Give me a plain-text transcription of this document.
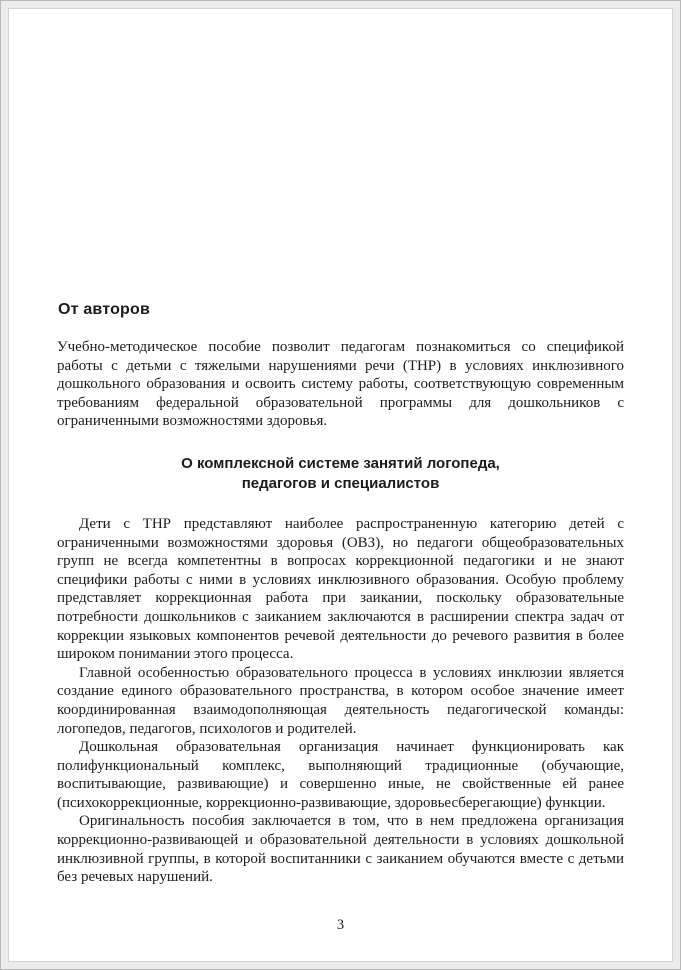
От авторов

Учебно-методическое пособие позволит педагогам познакомиться со спецификой работы с детьми с тяжелыми нарушениями речи (ТНР) в условиях инклюзивного дошкольного образования и освоить систему работы, соответствующую современным требованиям федеральной образовательной программы для дошкольников с ограниченными возможностями здоровья.

О комплексной системе занятий логопеда,
педагогов и специалистов

Дети с ТНР представляют наиболее распространенную категорию детей с ограниченными возможностями здоровья (ОВЗ), но педагоги общеобразовательных групп не всегда компетентны в вопросах коррекционной педагогики и не знают специфики работы с ними в условиях инклюзивного образования. Особую проблему представляет коррекционная работа при заикании, поскольку образовательные потребности дошкольников с заиканием заключаются в расширении спектра задач от коррекции языковых компонентов речевой деятельности до речевого развития в более широком понимании этого процесса.

Главной особенностью образовательного процесса в условиях инклюзии является создание единого образовательного пространства, в котором особое значение имеет координированная взаимодополняющая деятельность педагогической команды: логопедов, педагогов, психологов и родителей.

Дошкольная образовательная организация начинает функционировать как полифункциональный комплекс, выполняющий традиционные (обучающие, воспитывающие, развивающие) и совершенно иные, не свойственные ей ранее (психокоррекционные, коррекционно-развивающие, здоровьесберегающие) функции.

Оригинальность пособия заключается в том, что в нем предложена организация коррекционно-развивающей и образовательной деятельности в условиях дошкольной инклюзивной группы, в которой воспитанники с заиканием обучаются вместе с детьми без речевых нарушений.

3
